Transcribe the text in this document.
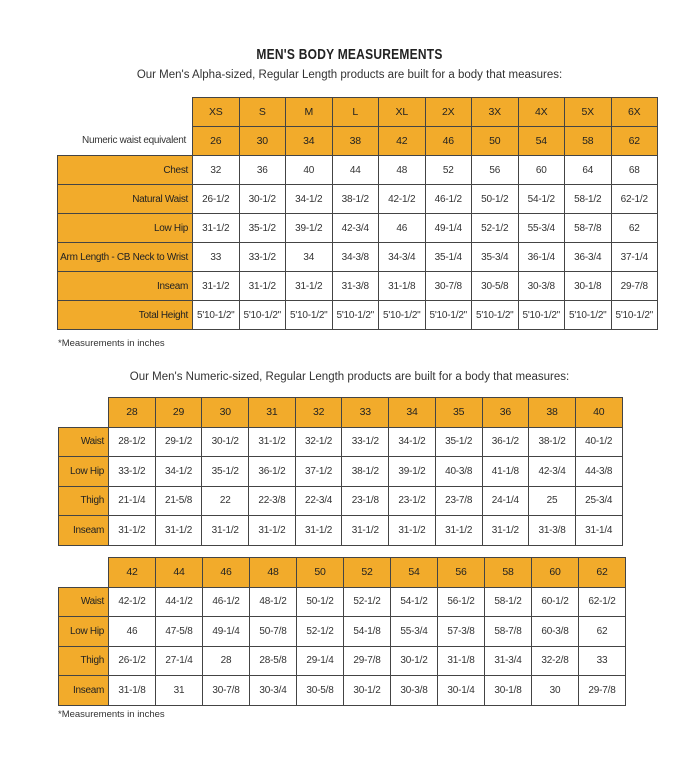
MEN'S BODY MEASUREMENTS
Our Men's Alpha-sized, Regular Length products are built for a body that measures:
	XS	S	M	L	XL	2X	3X	4X	5X	6X
Numeric waist equivalent	26	30	34	38	42	46	50	54	58	62
Chest	32	36	40	44	48	52	56	60	64	68
Natural Waist	26-1/2	30-1/2	34-1/2	38-1/2	42-1/2	46-1/2	50-1/2	54-1/2	58-1/2	62-1/2
Low Hip	31-1/2	35-1/2	39-1/2	42-3/4	46	49-1/4	52-1/2	55-3/4	58-7/8	62
Arm Length - CB Neck to Wrist	33	33-1/2	34	34-3/8	34-3/4	35-1/4	35-3/4	36-1/4	36-3/4	37-1/4
Inseam	31-1/2	31-1/2	31-1/2	31-3/8	31-1/8	30-7/8	30-5/8	30-3/8	30-1/8	29-7/8
Total Height	5'10-1/2"	5'10-1/2"	5'10-1/2"	5'10-1/2"	5'10-1/2"	5'10-1/2"	5'10-1/2"	5'10-1/2"	5'10-1/2"	5'10-1/2"
*Measurements in inches
Our Men's Numeric-sized, Regular Length products are built for a body that measures:
	28	29	30	31	32	33	34	35	36	38	40
Waist	28-1/2	29-1/2	30-1/2	31-1/2	32-1/2	33-1/2	34-1/2	35-1/2	36-1/2	38-1/2	40-1/2
Low Hip	33-1/2	34-1/2	35-1/2	36-1/2	37-1/2	38-1/2	39-1/2	40-3/8	41-1/8	42-3/4	44-3/8
Thigh	21-1/4	21-5/8	22	22-3/8	22-3/4	23-1/8	23-1/2	23-7/8	24-1/4	25	25-3/4
Inseam	31-1/2	31-1/2	31-1/2	31-1/2	31-1/2	31-1/2	31-1/2	31-1/2	31-1/2	31-3/8	31-1/4
	42	44	46	48	50	52	54	56	58	60	62
Waist	42-1/2	44-1/2	46-1/2	48-1/2	50-1/2	52-1/2	54-1/2	56-1/2	58-1/2	60-1/2	62-1/2
Low Hip	46	47-5/8	49-1/4	50-7/8	52-1/2	54-1/8	55-3/4	57-3/8	58-7/8	60-3/8	62
Thigh	26-1/2	27-1/4	28	28-5/8	29-1/4	29-7/8	30-1/2	31-1/8	31-3/4	32-2/8	33
Inseam	31-1/8	31	30-7/8	30-3/4	30-5/8	30-1/2	30-3/8	30-1/4	30-1/8	30	29-7/8
*Measurements in inches
